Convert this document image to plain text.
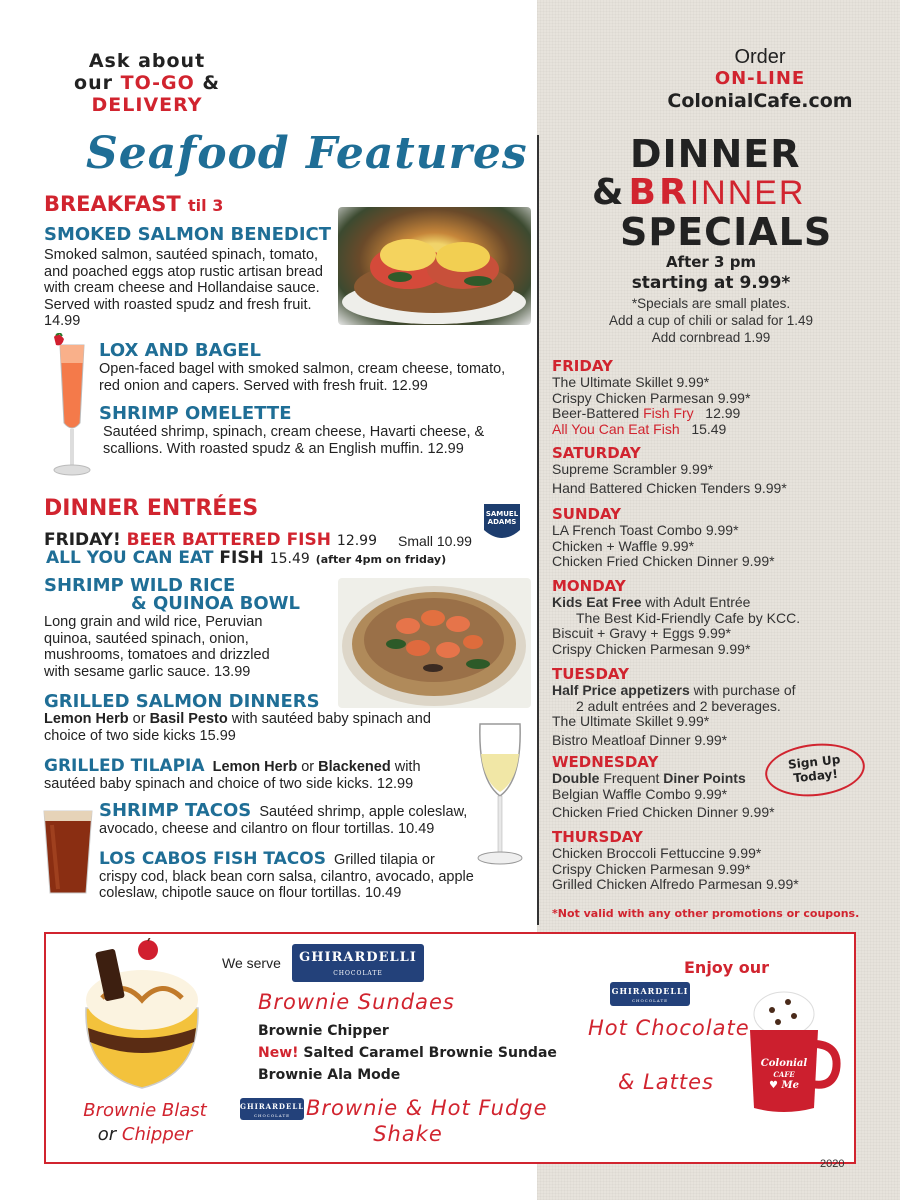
Ask about
our TO-GO &
DELIVERY
Order
ON-LINE
ColonialCafe.com
Seafood Features
BREAKFAST til 3
SMOKED SALMON BENEDICT
Smoked salmon, sautéed spinach, tomato, and poached eggs atop rustic artisan bread with cream cheese and Hollandaise sauce. Served with roasted spudz and fresh fruit. 14.99
LOX AND BAGEL
Open-faced bagel with smoked salmon, cream cheese, tomato, red onion and capers. Served with fresh fruit. 12.99
SHRIMP OMELETTE
Sautéed shrimp, spinach, cream cheese, Havarti cheese, & scallions. With roasted spudz & an English muffin. 12.99
DINNER ENTRÉES	SAMUEL ADAMS
FRIDAY! BEER BATTERED FISH 12.99 Small 10.99
ALL YOU CAN EAT FISH 15.49 (after 4pm on friday)
SHRIMP WILD RICE
& QUINOA BOWL
Long grain and wild rice, Peruvian quinoa, sautéed spinach, onion, mushrooms, tomatoes and drizzled with sesame garlic sauce. 13.99
GRILLED SALMON DINNERS
Lemon Herb or Basil Pesto with sautéed baby spinach and choice of two side kicks 15.99
GRILLED TILAPIA Lemon Herb or Blackened with
sautéed baby spinach and choice of two side kicks. 12.99
SHRIMP TACOS Sautéed shrimp, apple coleslaw,
avocado, cheese and cilantro on flour tortillas. 10.49
LOS CABOS FISH TACOS Grilled tilapia or
crispy cod, black bean corn salsa, cilantro, avocado, apple coleslaw, chipotle sauce on flour tortillas. 10.49
DINNER
& BRINNER
SPECIALS
After 3 pm
starting at 9.99*
*Specials are small plates.
Add a cup of chili or salad for 1.49
Add cornbread 1.99
FRIDAY
The Ultimate Skillet 9.99*
Crispy Chicken Parmesan 9.99*
Beer-Battered Fish Fry 12.99
All You Can Eat Fish 15.49
SATURDAY
Supreme Scrambler 9.99*
Hand Battered Chicken Tenders 9.99*
SUNDAY
LA French Toast Combo 9.99*
Chicken + Waffle 9.99*
Chicken Fried Chicken Dinner 9.99*
MONDAY
Kids Eat Free with Adult Entrée
The Best Kid-Friendly Cafe by KCC.
Biscuit + Gravy + Eggs 9.99*
Crispy Chicken Parmesan 9.99*
TUESDAY
Half Price appetizers with purchase of
2 adult entrées and 2 beverages.
The Ultimate Skillet 9.99*
Bistro Meatloaf Dinner 9.99*
Sign Up
Today!
WEDNESDAY
Double Frequent Diner Points
Belgian Waffle Combo 9.99*
Chicken Fried Chicken Dinner 9.99*
THURSDAY
Chicken Broccoli Fettuccine 9.99*
Crispy Chicken Parmesan 9.99*
Grilled Chicken Alfredo Parmesan 9.99*
*Not valid with any other promotions or coupons.
Brownie Blast
or Chipper
We serve	GHIRARDELLI
CHOCOLATE
Brownie Sundaes
Brownie Chipper
New! Salted Caramel Brownie Sundae
Brownie Ala Mode
GHIRARDELLI
CHOCOLATE Brownie & Hot Fudge
Shake
Enjoy our
GHIRARDELLI
CHOCOLATE
Hot Chocolate
& Lattes
Colonial
CAFE
♥ Me
2020
